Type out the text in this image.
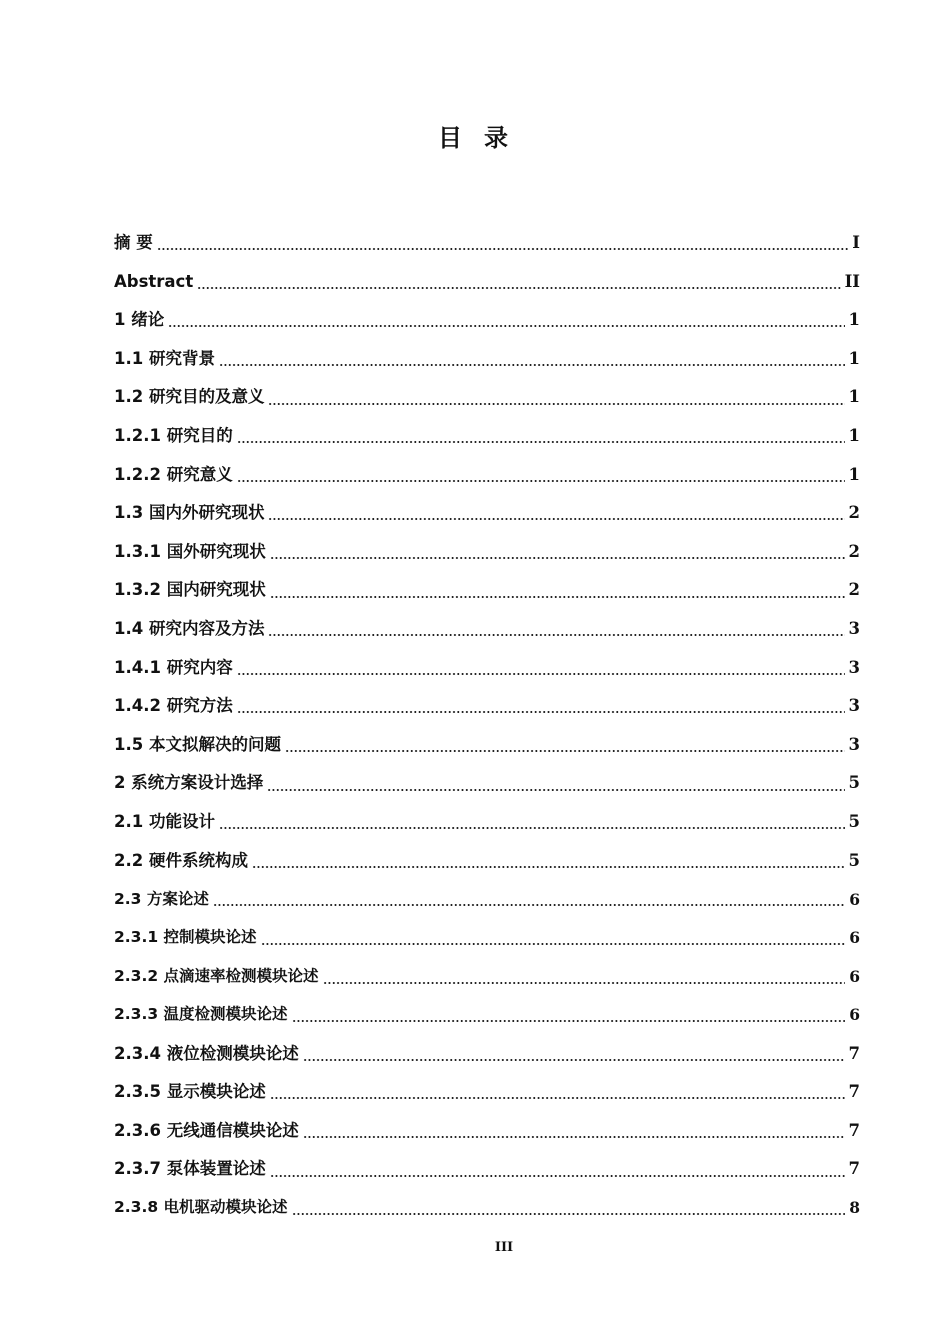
目录
摘 要	I
Abstract	II
1 绪论	1
1.1 研究背景	1
1.2 研究目的及意义	1
1.2.1 研究目的	1
1.2.2 研究意义	1
1.3 国内外研究现状	2
1.3.1 国外研究现状	2
1.3.2 国内研究现状	2
1.4 研究内容及方法	3
1.4.1 研究内容	3
1.4.2 研究方法	3
1.5 本文拟解决的问题	3
2 系统方案设计选择	5
2.1 功能设计	5
2.2 硬件系统构成	5
2.3 方案论述	6
2.3.1 控制模块论述	6
2.3.2 点滴速率检测模块论述	6
2.3.3 温度检测模块论述	6
2.3.4 液位检测模块论述	7
2.3.5 显示模块论述	7
2.3.6 无线通信模块论述	7
2.3.7 泵体装置论述	7
2.3.8 电机驱动模块论述	8
III
